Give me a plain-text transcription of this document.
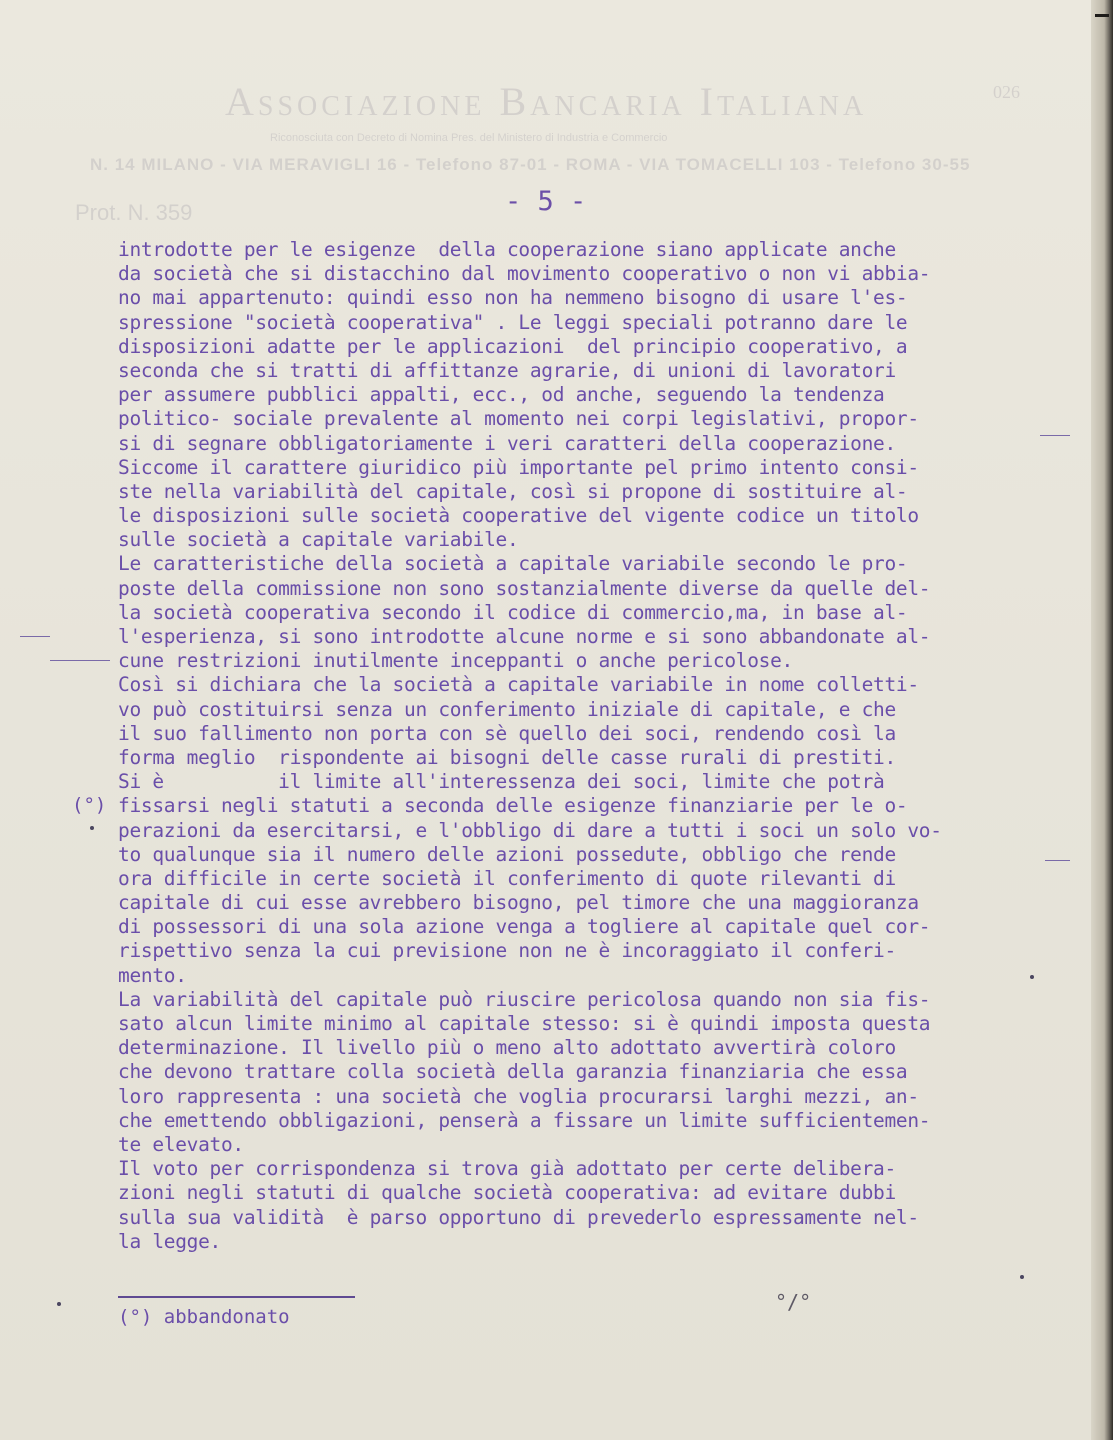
Associazione Bancaria Italiana	026
Riconosciuta con Decreto di Nomina Pres. del Ministero di Industria e Commercio
N. 14 MILANO - VIA MERAVIGLI 16 - Telefono 87-01 - ROMA - VIA TOMACELLI 103 - Telefono 30-55
Prot. N. 359	- 5 -

introdotte per le esigenze  della cooperazione siano applicate anche
da società che si distacchino dal movimento cooperativo o non vi abbia-
no mai appartenuto: quindi esso non ha nemmeno bisogno di usare l'es-
spressione "società cooperativa" . Le leggi speciali potranno dare le
disposizioni adatte per le applicazioni  del principio cooperativo, a
seconda che si tratti di affittanze agrarie, di unioni di lavoratori
per assumere pubblici appalti, ecc., od anche, seguendo la tendenza
politico- sociale prevalente al momento nei corpi legislativi, propor-
si di segnare obbligatoriamente i veri caratteri della cooperazione.
Siccome il carattere giuridico più importante pel primo intento consi-
ste nella variabilità del capitale, così si propone di sostituire al-
le disposizioni sulle società cooperative del vigente codice un titolo
sulle società a capitale variabile.
Le caratteristiche della società a capitale variabile secondo le pro-
poste della commissione non sono sostanzialmente diverse da quelle del-
la società cooperativa secondo il codice di commercio,ma, in base al-
l'esperienza, si sono introdotte alcune norme e si sono abbandonate al-
cune restrizioni inutilmente inceppanti o anche pericolose.
Così si dichiara che la società a capitale variabile in nome colletti-
vo può costituirsi senza un conferimento iniziale di capitale, e che
il suo fallimento non porta con sè quello dei soci, rendendo così la
forma meglio  rispondente ai bisogni delle casse rurali di prestiti.
Si è          il limite all'interessenza dei soci, limite che potrà
fissarsi negli statuti a seconda delle esigenze finanziarie per le o-
perazioni da esercitarsi, e l'obbligo di dare a tutti i soci un solo vo-
to qualunque sia il numero delle azioni possedute, obbligo che rende
ora difficile in certe società il conferimento di quote rilevanti di
capitale di cui esse avrebbero bisogno, pel timore che una maggioranza
di possessori di una sola azione venga a togliere al capitale quel cor-
rispettivo senza la cui previsione non ne è incoraggiato il conferi-
mento.
La variabilità del capitale può riuscire pericolosa quando non sia fis-
sato alcun limite minimo al capitale stesso: si è quindi imposta questa
determinazione. Il livello più o meno alto adottato avvertirà coloro
che devono trattare colla società della garanzia finanziaria che essa
loro rappresenta : una società che voglia procurarsi larghi mezzi, an-
che emettendo obbligazioni, penserà a fissare un limite sufficientemen-
te elevato.
Il voto per corrispondenza si trova già adottato per certe delibera-
zioni negli statuti di qualche società cooperativa: ad evitare dubbi
sulla sua validità  è parso opportuno di prevederlo espressamente nel-
la legge.
(°)
(°) abbandonato
°/°
